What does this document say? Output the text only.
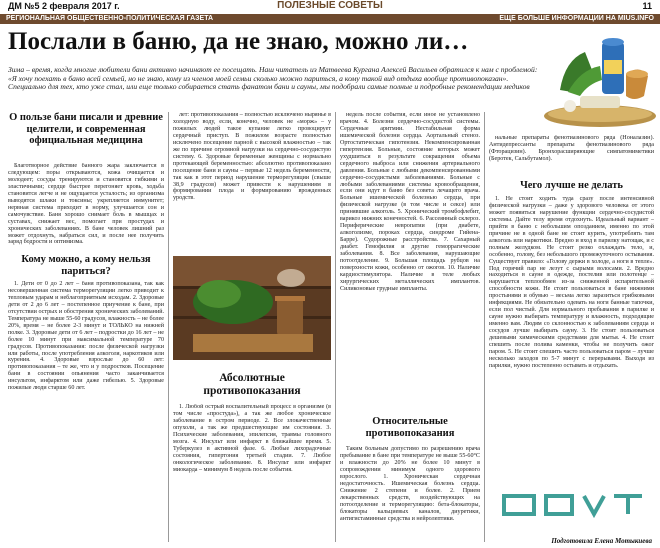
ДМ №5 2 февраля 2017 г.	ПОЛЕЗНЫЕ СОВЕТЫ	11
РЕГИОНАЛЬНАЯ ОБЩЕСТВЕННО-ПОЛИТИЧЕСКАЯ ГАЗЕТА	ЕЩЕ БОЛЬШЕ ИНФОРМАЦИИ НА MIUS.INFO
Послали в баню, да не знаю, можно ли…
Зима – время, когда многие любители бани активно начинают ее посещать. Наш читатель из Матвеева Кургана Алексей Васильев обратился к нам с проблемой: «Я хочу поехать в баню всей семьей, но не знаю, кому из членов моей семьи сколько можно париться, а кому такой вид отдыха вообще противопоказан». Специально для тех, кто уже стал, или еще только собирается стать фанатом бани и сауны, мы подобрали самые полные и подробные рекомендации медиков
О пользе бани писали и древние целители, и современная официальная медицина

Благотворное действие банного жара заключается в следующем: поры открываются, кожа очищается и молодеет; сосуды тренируются и становятся гибкими и эластичными; сердце быстрее перегоняет кровь, ходьба становится легче и не ощущается усталость; из организма выводятся шлаки и токсины; укрепляется иммунитет; нервная система приходит в норму, улучшается сон и самочувствие. Баня хорошо снимает боль в мышцах и суставах, снижает вес, помогает при простудах и хронических заболеваниях. В бане человек лишний раз может отдохнуть, набраться сил, и после нее получить заряд бодрости и оптимизма.

Кому можно, а кому нельзя париться?

1. Дети от 0 до 2 лет – баня противопоказана, так как несовершенная система терморегуляции легко приводит к тепловым ударам и неблагоприятным исходам. 2. Здоровые дети от 2 до 6 лет – постепенное приучение к бане, при отсутствии острых и обострения хронических заболеваний. Температура не выше 55-60 градусов, влажность – не более 20%, время – не более 2-3 минут и ТОЛЬКО на нижней полке. 3. Здоровые дети от 6 лет – подростки до 16 лет – не более 10 минут при максимальной температуре 70 градусов. Противопоказания: после физической нагрузки или работы, после употребления алкоголя, наркотиков или курения. 4. Здоровые взрослые до 60 лет: противопоказания – те же, что и у подростков. Посещение бани в состоянии опьянения часто заканчивается инсультом, инфарктом или даже гибелью. 5. Здоровые пожилые люди старше 60 лет.

лет: противопоказания – полностью исключено нырянье в холодную воду, если, конечно, человек не «морж» – у пожилых людей такое купание легко провоцирует сердечный приступ. В пожилом возрасте полностью исключено посещение парной с высокой влажностью – так же по причине огромной нагрузки на сердечно-сосудистую систему. 6. Здоровые беременные женщины с нормально протекающей беременностью: абсолютно противопоказано посещение бани и сауны – первые 12 недель беременности, так как в этот период нарушение терморегуляции (свыше 38,9 градусов) может привести к нарушениям в формировании плода и формированию врожденных уродств.

Абсолютные противопоказания

1. Любой острый воспалительный процесс в организме (в том числе «простуда»), а так же любое хроническое заболевание в остром периоде. 2. Все злокачественные опухоли, а так же предшествующие им состояния. 3. Психические заболевания, эпилепсия, травмы головного мозга. 4. Инсульт или инфаркт в ближайшее время. 5. Туберкулез в активной фазе. 6. Любые лихорадочные состояния, гипертония третьей стадии. 7. Любое онкологическое заболевание. 8. Инсульт или инфаркт миокарда – минимум 8 недель после события.

недель после события, если иное не установлено врачом. 4. Болезни сердечно-сосудистой системы. Сердечные аритмии. Нестабильная форма ишемической болезни сердца. Аортальный стеноз. Ортостатическая гипотензия. Некомпенсированная гипертензия. Больные, состояние которых может ухудшиться в результате сокращения объема сердечного выброса или снижения артериального давления. Больные с любыми декомпенсированными сердечно-сосудистыми заболеваниями. Больные с любыми заболеваниями системы кровообращения, если они идут в баню без совета лечащего врача. Больные ишемической болезнью сердца, при физической нагрузке (в том числе и сексе) или принявшие алкоголь. 5. Хронический тромбофлебит, варикоз нижних конечностей. 6. Рассеянный склероз. Периферические невропатии (при диабете, алкоголизме, пороках сердца, синдроме Гийена-Барре). Судорожные расстройства. 7. Сахарный диабет. Гемофилия и другие геморрагические заболевания. 8. Все заболевания, нарушающие потоотделение. 9. Большая площадь рубцов на поверхности кожи, особенно от ожогов. 10. Наличие кардиостимулятора. Наличие в теле любых хирургических металлических имплантов. Силиконовые грудные импланты.

Относительные противопоказания

Таким больным допустимо по разрешению врача пребывание в бане при температуре не выше 55-60°С и влажности до 20% не более 10 минут в сопровождении минимум одного здорового взрослого. 1. Хроническая сердечная недостаточность. Ишемическая болезнь сердца. Снижение 2 степени и более. 2. Прием лекарственных средств, воздействующих на потоотделение и терморегуляцию: бета-блокаторы, блокаторы кальциевых каналов, диуретики, антигистаминные средства и нейролептики.

нальные препараты фенотиазинового ряда (Ноналазин). Антидепрессанты препараты фенотиазинового ряда (Фторацизин). Бронхорасширяющие симпатомиметики (Беротек, Сальбутамол).

Чего лучше не делать

1. Не стоит ходить туда сразу после интенсивной физической нагрузки – даже у здорового человека от этого может появиться нарушение функции сердечно-сосудистой системы. Дайте телу время отдохнуть. Идеальный вариант – прийти в баню с небольшим опозданием, именно по этой причине не в одной бане не стоит курить, употреблять там алкоголь или наркотики. Вредно и вход в парилку натощак, и с полным желудком. Не стоит резко охлаждать тело, и, особенно, голову, без небольшого промежуточного остывания. Существует правило: «Голову держи в холоде, а ноги в тепле». Под горячий пар не лезут с сырыми волосами. 2. Вредно находиться в сауне в одежде, постелив или полотенце – нарушается теплообмен из-за сниженной испарительной способности кожи. Не стоит пользоваться в бане нижними простынями и обувью – весьма легко заразиться грибковыми инфекциями. Не обязательно одевать на ноги банные тапочки, если пол чистый. Для нормального пребывания в парилке и сауне нужно выбирать температуру и влажность, подходящие именно вам. Людям со склонностью к заболеваниям сердца и сосудов лучше выбирать сауну. 3. Не стоит пользоваться дешевыми химическими средствами для мытья. 4. Не стоит спешить после полива каменки, чтобы не получить ожог паром. 5. Не стоит спешить часто пользоваться паром – лучше несколько заходов по 5-7 минут с перерывами. Выходя из парилки, нужно постепенно остывать и отдыхать.

Подготовила Елена Мотыкиева
